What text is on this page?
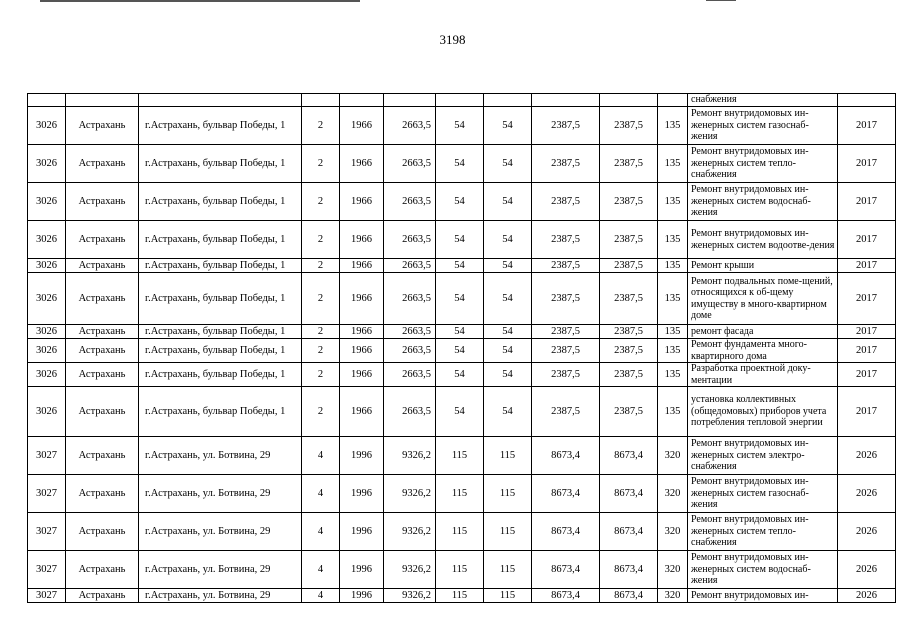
3198
											снабжения	
3026	Астрахань	г.Астрахань, бульвар Победы, 1	2	1966	2663,5	54	54	2387,5	2387,5	135	Ремонт внутридомовых ин-женерных систем газоснаб-жения	2017
3026	Астрахань	г.Астрахань, бульвар Победы, 1	2	1966	2663,5	54	54	2387,5	2387,5	135	Ремонт внутридомовых ин-женерных систем тепло-снабжения	2017
3026	Астрахань	г.Астрахань, бульвар Победы, 1	2	1966	2663,5	54	54	2387,5	2387,5	135	Ремонт внутридомовых ин-женерных систем водоснаб-жения	2017
3026	Астрахань	г.Астрахань, бульвар Победы, 1	2	1966	2663,5	54	54	2387,5	2387,5	135	Ремонт внутридомовых ин-женерных систем водоотве-дения	2017
3026	Астрахань	г.Астрахань, бульвар Победы, 1	2	1966	2663,5	54	54	2387,5	2387,5	135	Ремонт крыши	2017
3026	Астрахань	г.Астрахань, бульвар Победы, 1	2	1966	2663,5	54	54	2387,5	2387,5	135	Ремонт подвальных поме-щений, относящихся к об-щему имуществу в много-квартирном доме	2017
3026	Астрахань	г.Астрахань, бульвар Победы, 1	2	1966	2663,5	54	54	2387,5	2387,5	135	ремонт фасада	2017
3026	Астрахань	г.Астрахань, бульвар Победы, 1	2	1966	2663,5	54	54	2387,5	2387,5	135	Ремонт фундамента много-квартирного дома	2017
3026	Астрахань	г.Астрахань, бульвар Победы, 1	2	1966	2663,5	54	54	2387,5	2387,5	135	Разработка проектной доку-ментации	2017
3026	Астрахань	г.Астрахань, бульвар Победы, 1	2	1966	2663,5	54	54	2387,5	2387,5	135	установка коллективных (общедомовых) приборов учета потребления тепловой энергии	2017
3027	Астрахань	г.Астрахань, ул. Ботвина, 29	4	1996	9326,2	115	115	8673,4	8673,4	320	Ремонт внутридомовых ин-женерных систем электро-снабжения	2026
3027	Астрахань	г.Астрахань, ул. Ботвина, 29	4	1996	9326,2	115	115	8673,4	8673,4	320	Ремонт внутридомовых ин-женерных систем газоснаб-жения	2026
3027	Астрахань	г.Астрахань, ул. Ботвина, 29	4	1996	9326,2	115	115	8673,4	8673,4	320	Ремонт внутридомовых ин-женерных систем тепло-снабжения	2026
3027	Астрахань	г.Астрахань, ул. Ботвина, 29	4	1996	9326,2	115	115	8673,4	8673,4	320	Ремонт внутридомовых ин-женерных систем водоснаб-жения	2026
3027	Астрахань	г.Астрахань, ул. Ботвина, 29	4	1996	9326,2	115	115	8673,4	8673,4	320	Ремонт внутридомовых ин-	2026
